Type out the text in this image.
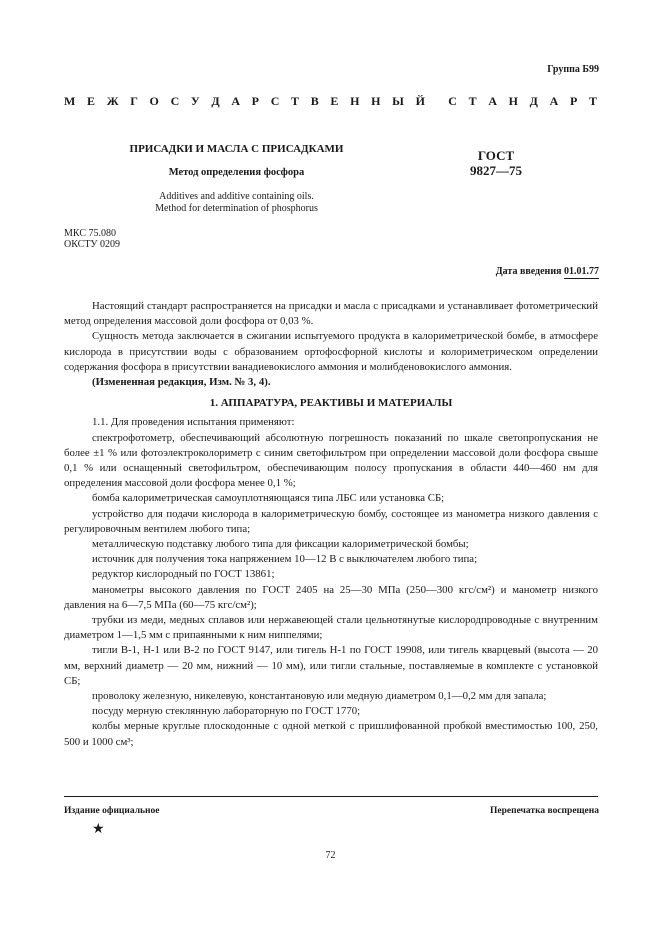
Группа Б99
М Е Ж Г О С У Д А Р С Т В Е Н Н Ы Й С Т А Н Д А Р Т
ПРИСАДКИ И МАСЛА С ПРИСАДКАМИ
Метод определения фосфора
Additives and additive containing oils.
Method for determination of phosphorus
ГОСТ
9827—75
МКС 75.080
ОКСТУ 0209
Дата введения 01.01.77

Настоящий стандарт распространяется на присадки и масла с присадками и устанавливает фотометрический метод определения массовой доли фосфора от 0,03 %.

Сущность метода заключается в сжигании испытуемого продукта в калориметрической бомбе, в атмосфере кислорода в присутствии воды с образованием ортофосфорной кислоты и колориметрическом определении содержания фосфора в присутствии ванадиевокислого аммония и молибденовокислого аммония.

(Измененная редакция, Изм. № 3, 4).

1. АППАРАТУРА, РЕАКТИВЫ И МАТЕРИАЛЫ

1.1. Для проведения испытания применяют:

спектрофотометр, обеспечивающий абсолютную погрешность показаний по шкале светопропускания не более ±1 % или фотоэлектроколориметр с синим светофильтром при определении массовой доли фосфора свыше 0,1 % или оснащенный светофильтром, обеспечивающим полосу пропускания в области 440—460 нм для определения массовой доли фосфора менее 0,1 %;

бомба калориметрическая самоуплотняющаяся типа ЛБС или установка СБ;

устройство для подачи кислорода в калориметрическую бомбу, состоящее из манометра низкого давления с регулировочным вентилем любого типа;

металлическую подставку любого типа для фиксации калориметрической бомбы;

источник для получения тока напряжением 10—12 В с выключателем любого типа;

редуктор кислородный по ГОСТ 13861;

манометры высокого давления по ГОСТ 2405 на 25—30 МПа (250—300 кгс/см²) и манометр низкого давления на 6—7,5 МПа (60—75 кгс/см²);

трубки из меди, медных сплавов или нержавеющей стали цельнотянутые кислородпроводные с внутренним диаметром 1—1,5 мм с припаянными к ним ниппелями;

тигли В-1, Н-1 или В-2 по ГОСТ 9147, или тигель Н-1 по ГОСТ 19908, или тигель кварцевый (высота — 20 мм, верхний диаметр — 20 мм, нижний — 10 мм), или тигли стальные, поставляемые в комплекте с установкой СБ;

проволоку железную, никелевую, константановую или медную диаметром 0,1—0,2 мм для запала;

посуду мерную стеклянную лабораторную по ГОСТ 1770;

колбы мерные круглые плоскодонные с одной меткой с пришлифованной пробкой вместимостью 100, 250, 500 и 1000 см³;

Издание официальное	Перепечатка воспрещена
★
72
